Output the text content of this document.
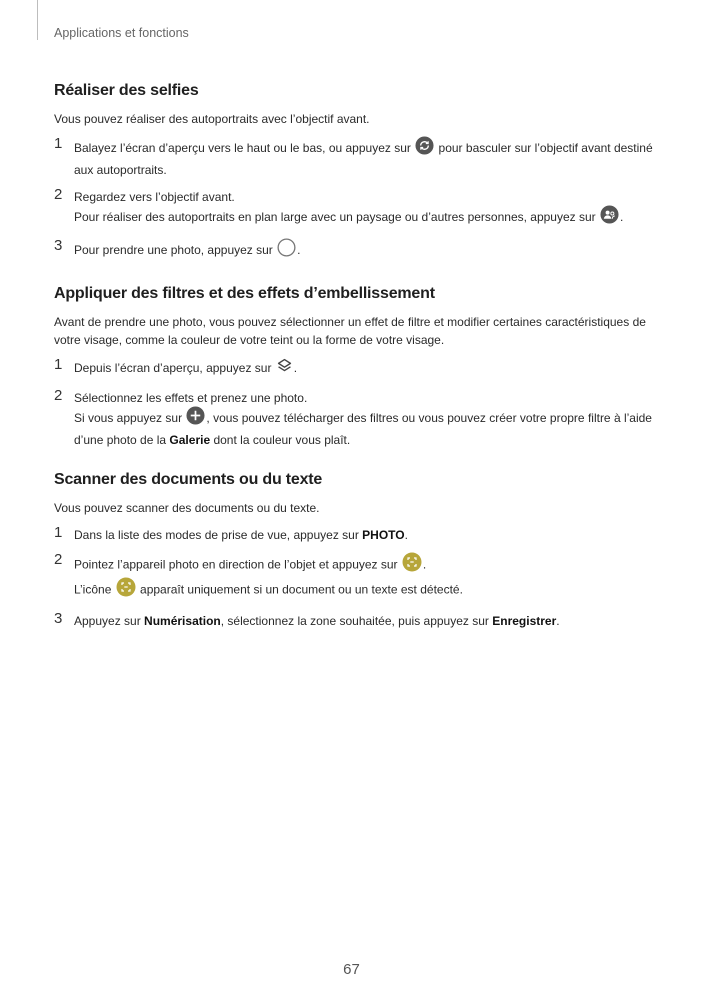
Applications et fonctions
Réaliser des selfies

Vous pouvez réaliser des autoportraits avec l’objectif avant.

1 Balayez l’écran d’aperçu vers le haut ou le bas, ou appuyez sur  pour basculer sur l’objectif avant destiné aux autoportraits.
2 Regardez vers l’objectif avant.
Pour réaliser des autoportraits en plan large avec un paysage ou d’autres personnes, appuyez sur .
3 Pour prendre une photo, appuyez sur .
Appliquer des filtres et des effets d’embellissement

Avant de prendre une photo, vous pouvez sélectionner un effet de filtre et modifier certaines caractéristiques de votre visage, comme la couleur de votre teint ou la forme de votre visage.

1 Depuis l’écran d’aperçu, appuyez sur .
2 Sélectionnez les effets et prenez une photo.
Si vous appuyez sur , vous pouvez télécharger des filtres ou vous pouvez créer votre propre filtre à l’aide d’une photo de la Galerie dont la couleur vous plaît.
Scanner des documents ou du texte

Vous pouvez scanner des documents ou du texte.

1 Dans la liste des modes de prise de vue, appuyez sur PHOTO.
2 Pointez l’appareil photo en direction de l’objet et appuyez sur .
L’icône  apparaît uniquement si un document ou un texte est détecté.
3 Appuyez sur Numérisation, sélectionnez la zone souhaitée, puis appuyez sur Enregistrer.
67
